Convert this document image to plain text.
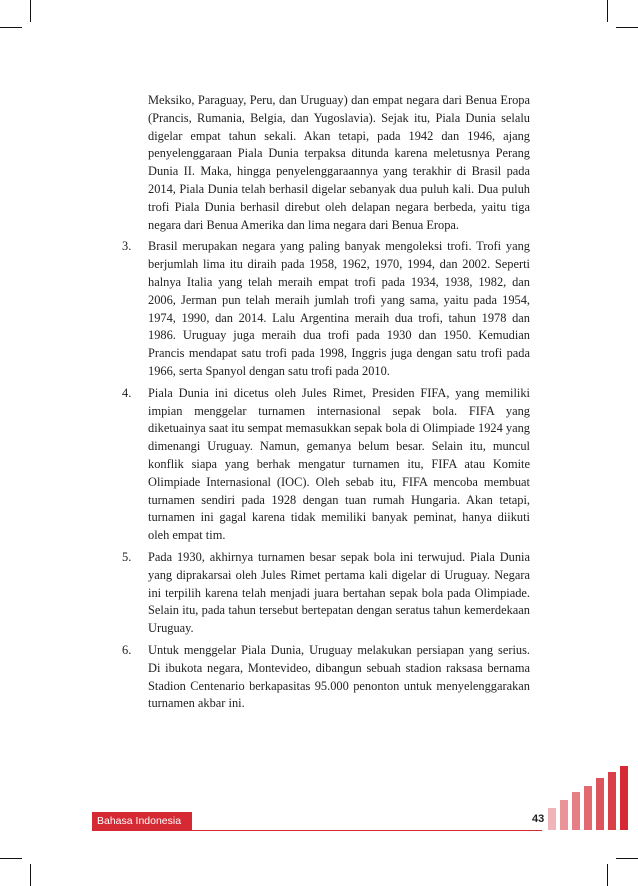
Meksiko, Paraguay, Peru, dan Uruguay) dan empat negara dari Benua Eropa (Prancis, Rumania, Belgia, dan Yugoslavia). Sejak itu, Piala Dunia selalu digelar empat tahun sekali. Akan tetapi, pada 1942 dan 1946, ajang penyelenggaraan Piala Dunia terpaksa ditunda karena meletusnya Perang Dunia II. Maka, hingga penyelenggaraannya yang terakhir di Brasil pada 2014, Piala Dunia telah berhasil digelar sebanyak dua puluh kali. Dua puluh trofi Piala Dunia berhasil direbut oleh delapan negara berbeda, yaitu tiga negara dari Benua Amerika dan lima negara dari Benua Eropa.

3. Brasil merupakan negara yang paling banyak mengoleksi trofi. Trofi yang berjumlah lima itu diraih pada 1958, 1962, 1970, 1994, dan 2002. Seperti halnya Italia yang telah meraih empat trofi pada 1934, 1938, 1982, dan 2006, Jerman pun telah meraih jumlah trofi yang sama, yaitu pada 1954, 1974, 1990, dan 2014. Lalu Argentina meraih dua trofi, tahun 1978 dan 1986. Uruguay juga meraih dua trofi pada 1930 dan 1950. Kemudian Prancis mendapat satu trofi pada 1998, Inggris juga dengan satu trofi pada 1966, serta Spanyol dengan satu trofi pada 2010.

4. Piala Dunia ini dicetus oleh Jules Rimet, Presiden FIFA, yang memiliki impian menggelar turnamen internasional sepak bola. FIFA yang diketuainya saat itu sempat memasukkan sepak bola di Olimpiade 1924 yang dimenangi Uruguay. Namun, gemanya belum besar. Selain itu, muncul konflik siapa yang berhak mengatur turnamen itu, FIFA atau Komite Olimpiade Internasional (IOC). Oleh sebab itu, FIFA mencoba membuat turnamen sendiri pada 1928 dengan tuan rumah Hungaria. Akan tetapi, turnamen ini gagal karena tidak memiliki banyak peminat, hanya diikuti oleh empat tim.

5. Pada 1930, akhirnya turnamen besar sepak bola ini terwujud. Piala Dunia yang diprakarsai oleh Jules Rimet pertama kali digelar di Uruguay. Negara ini terpilih karena telah menjadi juara bertahan sepak bola pada Olimpiade. Selain itu, pada tahun tersebut bertepatan dengan seratus tahun kemerdekaan Uruguay.

6. Untuk menggelar Piala Dunia, Uruguay melakukan persiapan yang serius. Di ibukota negara, Montevideo, dibangun sebuah stadion raksasa bernama Stadion Centenario berkapasitas 95.000 penonton untuk menyelenggarakan turnamen akbar ini.

Bahasa Indonesia	43
